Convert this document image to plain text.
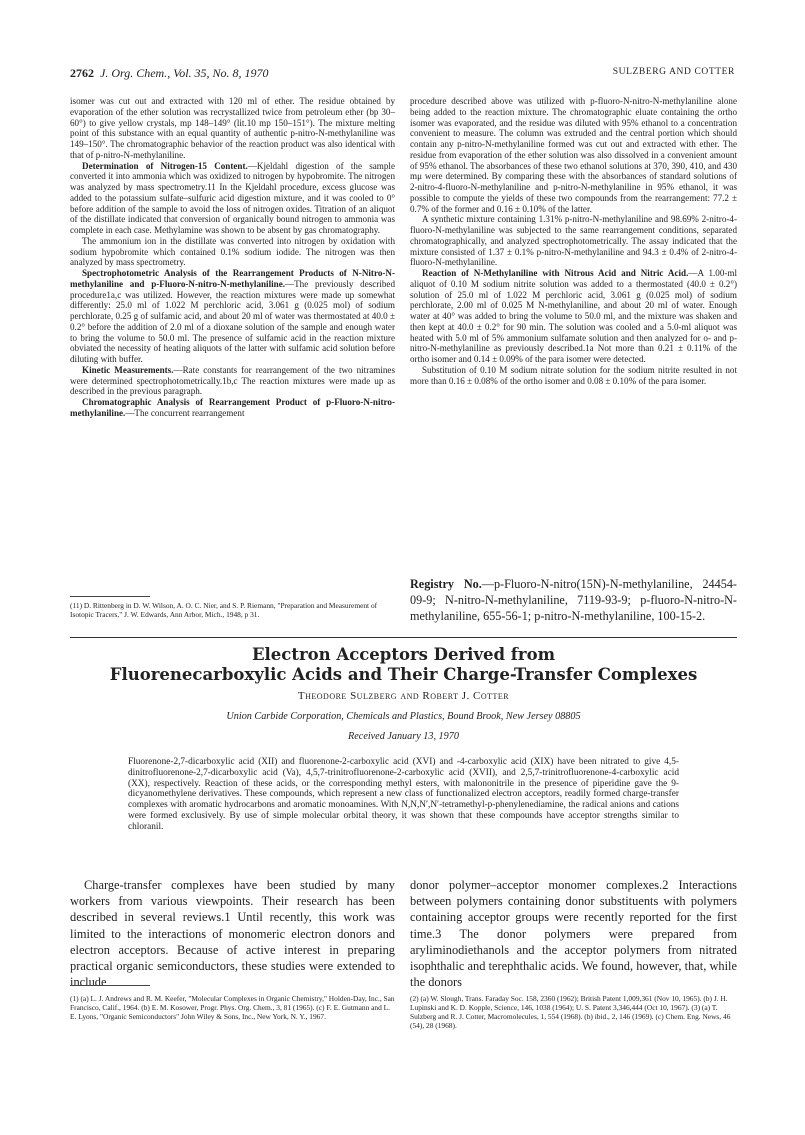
2762 J. Org. Chem., Vol. 35, No. 8, 1970	SULZBERG AND COTTER

isomer was cut out and extracted with 120 ml of ether. The residue obtained by evaporation of the ether solution was recrystallized twice from petroleum ether (bp 30–60°) to give yellow crystals, mp 148–149° (lit.10 mp 150–151°). The mixture melting point of this substance with an equal quantity of authentic p-nitro-N-methylaniline was 149–150°. The chromatographic behavior of the reaction product was also identical with that of p-nitro-N-methylaniline.

Determination of Nitrogen-15 Content.—Kjeldahl digestion of the sample converted it into ammonia which was oxidized to nitrogen by hypobromite. The nitrogen was analyzed by mass spectrometry.11 In the Kjeldahl procedure, excess glucose was added to the potassium sulfate–sulfuric acid digestion mixture, and it was cooled to 0° before addition of the sample to avoid the loss of nitrogen oxides. Titration of an aliquot of the distillate indicated that conversion of organically bound nitrogen to ammonia was complete in each case. Methylamine was shown to be absent by gas chromatography.

The ammonium ion in the distillate was converted into nitrogen by oxidation with sodium hypobromite which contained 0.1% sodium iodide. The nitrogen was then analyzed by mass spectrometry.

Spectrophotometric Analysis of the Rearrangement Products of N-Nitro-N-methylaniline and p-Fluoro-N-nitro-N-methylaniline.—The previously described procedure1a,c was utilized. However, the reaction mixtures were made up somewhat differently: 25.0 ml of 1.022 M perchloric acid, 3.061 g (0.025 mol) of sodium perchlorate, 0.25 g of sulfamic acid, and about 20 ml of water was thermostated at 40.0 ± 0.2° before the addition of 2.0 ml of a dioxane solution of the sample and enough water to bring the volume to 50.0 ml. The presence of sulfamic acid in the reaction mixture obviated the necessity of heating aliquots of the latter with sulfamic acid solution before diluting with buffer.

Kinetic Measurements.—Rate constants for rearrangement of the two nitramines were determined spectrophotometrically.1b,c The reaction mixtures were made up as described in the previous paragraph.

Chromatographic Analysis of Rearrangement Product of p-Fluoro-N-nitro-methylaniline.—The concurrent rearrangement

(11) D. Rittenberg in D. W. Wilson, A. O. C. Nier, and S. P. Riemann, "Preparation and Measurement of Isotopic Tracers," J. W. Edwards, Ann Arbor, Mich., 1948, p 31.

procedure described above was utilized with p-fluoro-N-nitro-N-methylaniline alone being added to the reaction mixture. The chromatographic eluate containing the ortho isomer was evaporated, and the residue was diluted with 95% ethanol to a concentration convenient to measure. The column was extruded and the central portion which should contain any p-nitro-N-methylaniline formed was cut out and extracted with ether. The residue from evaporation of the ether solution was also dissolved in a convenient amount of 95% ethanol. The absorbances of these two ethanol solutions at 370, 390, 410, and 430 mμ were determined. By comparing these with the absorbances of standard solutions of 2-nitro-4-fluoro-N-methylaniline and p-nitro-N-methylaniline in 95% ethanol, it was possible to compute the yields of these two compounds from the rearrangement: 77.2 ± 0.7% of the former and 0.16 ± 0.10% of the latter.

A synthetic mixture containing 1.31% p-nitro-N-methylaniline and 98.69% 2-nitro-4-fluoro-N-methylaniline was subjected to the same rearrangement conditions, separated chromatographically, and analyzed spectrophotometrically. The assay indicated that the mixture consisted of 1.37 ± 0.1% p-nitro-N-methylaniline and 94.3 ± 0.4% of 2-nitro-4-fluoro-N-methylaniline.

Reaction of N-Methylaniline with Nitrous Acid and Nitric Acid.—A 1.00-ml aliquot of 0.10 M sodium nitrite solution was added to a thermostated (40.0 ± 0.2°) solution of 25.0 ml of 1.022 M perchloric acid, 3.061 g (0.025 mol) of sodium perchlorate, 2.00 ml of 0.025 M N-methylaniline, and about 20 ml of water. Enough water at 40° was added to bring the volume to 50.0 ml, and the mixture was shaken and then kept at 40.0 ± 0.2° for 90 min. The solution was cooled and a 5.0-ml aliquot was heated with 5.0 ml of 5% ammonium sulfamate solution and then analyzed for o- and p-nitro-N-methylaniline as previously described.1a Not more than 0.21 ± 0.11% of the ortho isomer and 0.14 ± 0.09% of the para isomer were detected.

Substitution of 0.10 M sodium nitrate solution for the sodium nitrite resulted in not more than 0.16 ± 0.08% of the ortho isomer and 0.08 ± 0.10% of the para isomer.

Registry No.—p-Fluoro-N-nitro(15N)-N-methylaniline, 24454-09-9; N-nitro-N-methylaniline, 7119-93-9; p-fluoro-N-nitro-N-methylaniline, 655-56-1; p-nitro-N-methylaniline, 100-15-2.
Electron Acceptors Derived from
Fluorenecarboxylic Acids and Their Charge-Transfer Complexes
Theodore Sulzberg and Robert J. Cotter
Union Carbide Corporation, Chemicals and Plastics, Bound Brook, New Jersey 08805
Received January 13, 1970
Fluorenone-2,7-dicarboxylic acid (XII) and fluorenone-2-carboxylic acid (XVI) and -4-carboxylic acid (XIX) have been nitrated to give 4,5-dinitrofluorenone-2,7-dicarboxylic acid (Va), 4,5,7-trinitrofluorenone-2-carboxylic acid (XVII), and 2,5,7-trinitrofluorenone-4-carboxylic acid (XX), respectively. Reaction of these acids, or the corresponding methyl esters, with malononitrile in the presence of piperidine gave the 9-dicyanomethylene derivatives. These compounds, which represent a new class of functionalized electron acceptors, readily formed charge-transfer complexes with aromatic hydrocarbons and aromatic monoamines. With N,N,N′,N′-tetramethyl-p-phenylenediamine, the radical anions and cations were formed exclusively. By use of simple molecular orbital theory, it was shown that these compounds have acceptor strengths similar to chloranil.
Charge-transfer complexes have been studied by many workers from various viewpoints. Their research has been described in several reviews.1 Until recently, this work was limited to the interactions of monomeric electron donors and electron acceptors. Because of active interest in preparing practical organic semiconductors, these studies were extended to include
donor polymer–acceptor monomer complexes.2 Interactions between polymers containing donor substituents with polymers containing acceptor groups were recently reported for the first time.3 The donor polymers were prepared from aryliminodiethanols and the acceptor polymers from nitrated isophthalic and terephthalic acids. We found, however, that, while the donors
(1) (a) L. J. Andrews and R. M. Keefer, "Molecular Complexes in Organic Chemistry," Holden-Day, Inc., San Francisco, Calif., 1964. (b) E. M. Kosower, Progr. Phys. Org. Chem., 3, 81 (1965). (c) F. E. Gutmann and L. E. Lyons, "Organic Semiconductors" John Wiley & Sons, Inc., New York, N. Y., 1967.
(2) (a) W. Slough, Trans. Faraday Soc. 158, 2360 (1962); British Patent 1,009,361 (Nov 10, 1965). (b) J. H. Lupinski and K. D. Kopple, Science, 146, 1038 (1964); U. S. Patent 3,346,444 (Oct 10, 1967). (3) (a) T. Sulzberg and R. J. Cotter, Macromolecules, 1, 554 (1968). (b) ibid., 2, 146 (1969). (c) Chem. Eng. News, 46 (54), 28 (1968).
